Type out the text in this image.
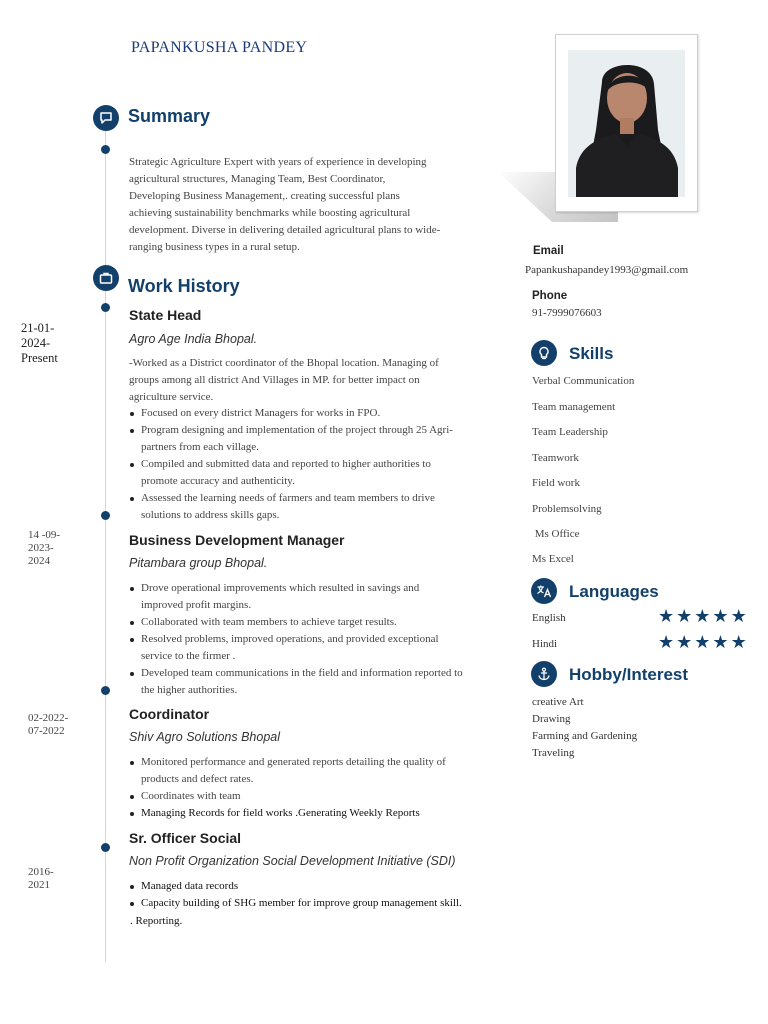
PAPANKUSHA PANDEY
Summary
Strategic Agriculture Expert with years of experience in developing
agricultural structures, Managing Team, Best Coordinator,
Developing Business Management,. creating successful plans
achieving sustainability benchmarks while boosting agricultural
development. Diverse in delivering detailed agricultural plans to wide-
ranging business types in a rural setup.
Work History
21-01-
2024-
Present
State Head
Agro Age India Bhopal.
-Worked as a District coordinator of the Bhopal location. Managing of
groups among all district And Villages in MP. for better impact on
agriculture service.
Focused on every district Managers for works in FPO.
Program designing and implementation of the project through 25 Agri-
partners from each village.
Compiled and submitted data and reported to higher authorities to
promote accuracy and authenticity.
Assessed the learning needs of farmers and team members to drive
solutions to address skills gaps.
14 -09-
2023-
2024
Business Development Manager
Pitambara group Bhopal.
Drove operational improvements which resulted in savings and
improved profit margins.
Collaborated with team members to achieve target results.
Resolved problems, improved operations, and provided exceptional
service to the firmer .
Developed team communications in the field and information reported to
the higher authorities.
02-2022-
07-2022
Coordinator
Shiv Agro Solutions Bhopal
Monitored performance and generated reports detailing the quality of
products and defect rates.
Coordinates with team
Managing Records for field works .Generating Weekly Reports
2016-
2021
Sr. Officer Social
Non Profit Organization Social Development Initiative (SDI)
Managed data records
Capacity building of SHG member for improve group management skill.
. Reporting.
Email
Papankushapandey1993@gmail.com
Phone
91-7999076603
Skills
Verbal Communication
Team management
Team Leadership
Teamwork
Field work
Problemsolving
Ms Office
Ms Excel
Languages
English	★ ★ ★ ★ ★
Hindi	★ ★ ★ ★ ★
Hobby/Interest
creative Art
Drawing
Farming and Gardening
Traveling
